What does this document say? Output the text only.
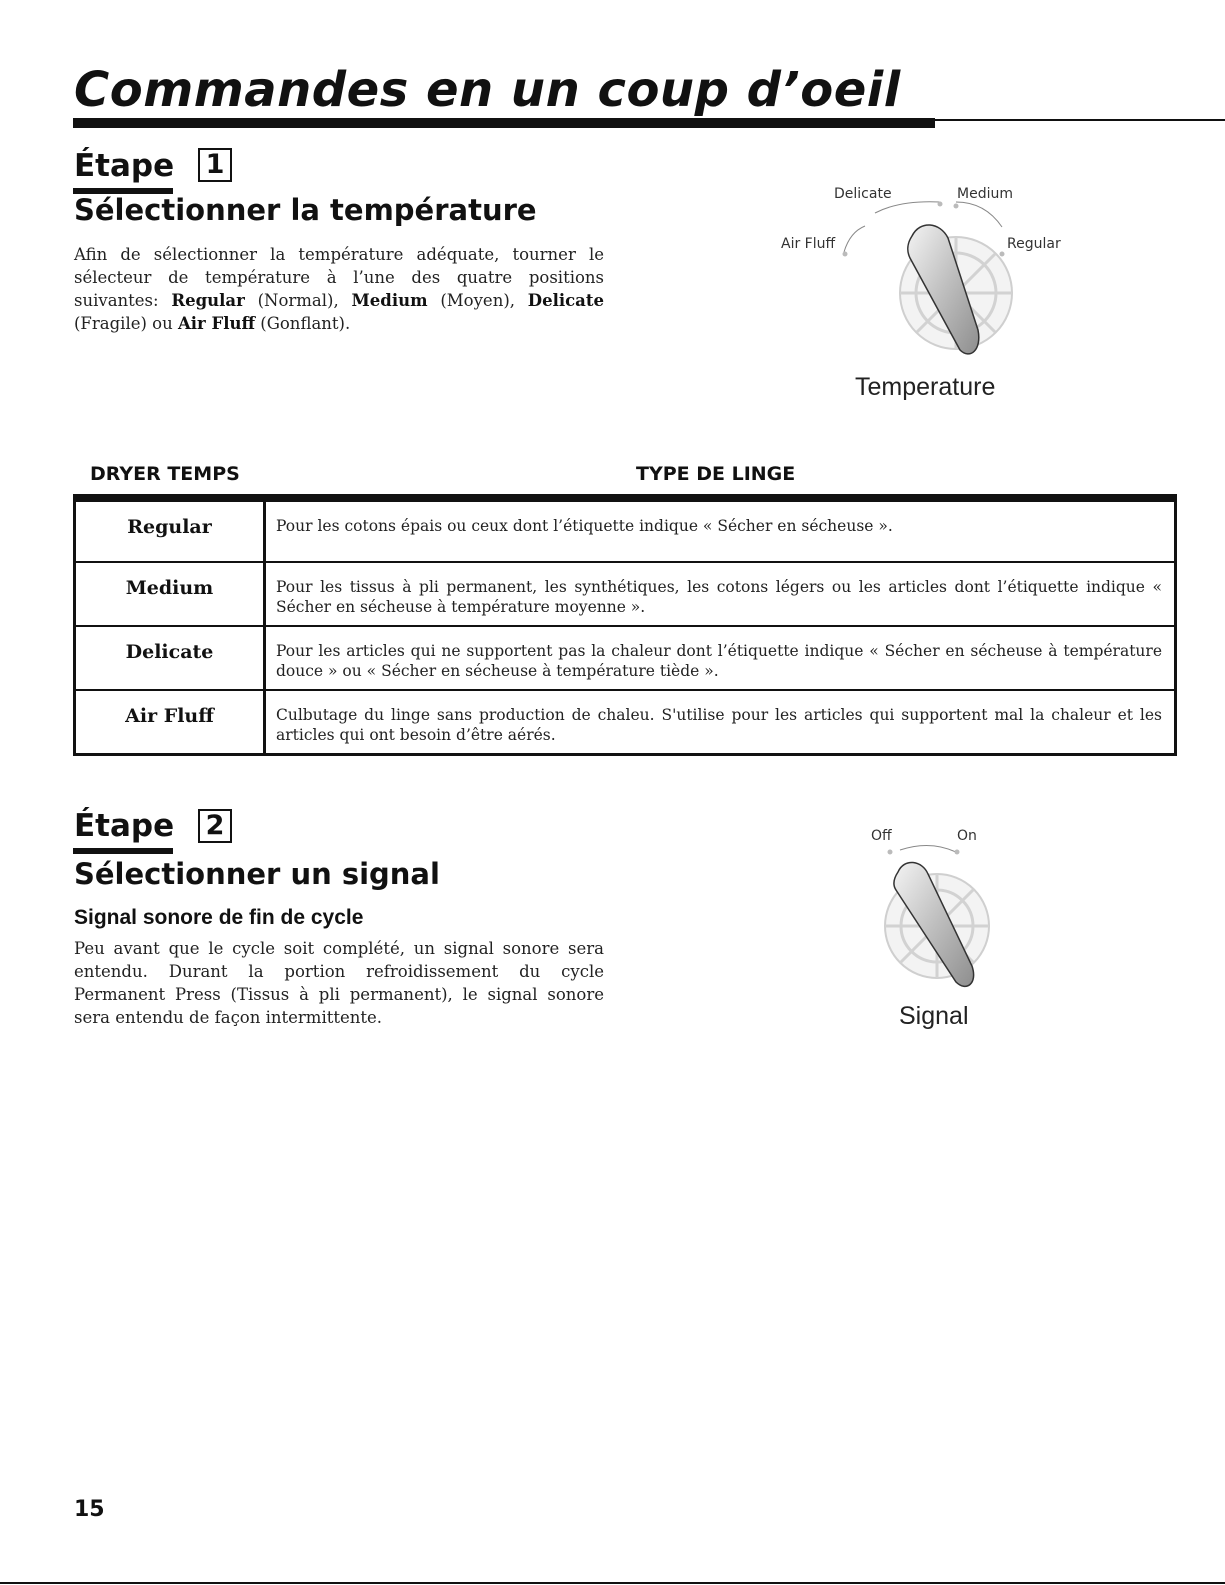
Commandes en un coup d’oeil
Étape 1
Sélectionner la température

Afin de sélectionner la température adéquate, tourner le sélecteur de température à l’une des quatre positions suivantes: Regular (Normal), Medium (Moyen), Delicate (Fragile) ou Air Fluff (Gonflant).

Delicate	Medium
Air Fluff	Regular
Temperature
DRYER TEMPS	TYPE DE LINGE
Regular	Pour les cotons épais ou ceux dont l’étiquette indique « Sécher en sécheuse ».
Medium	Pour les tissus à pli permanent, les synthétiques, les cotons légers ou les articles dont l’étiquette indique « Sécher en sécheuse à température moyenne ».
Delicate	Pour les articles qui ne supportent pas la chaleur dont l’étiquette indique « Sécher en sécheuse à température douce » ou « Sécher en sécheuse à température tiède ».
Air Fluff	Culbutage du linge sans production de chaleu. S'utilise pour les articles qui supportent mal la chaleur et les articles qui ont besoin d’être aérés.
Étape 2
Sélectionner un signal
Signal sonore de fin de cycle

Peu avant que le cycle soit complété, un signal sonore sera entendu. Durant la portion refroidissement du cycle Permanent Press (Tissus à pli permanent), le signal sonore sera entendu de façon intermittente.

Off	On
Signal
15
